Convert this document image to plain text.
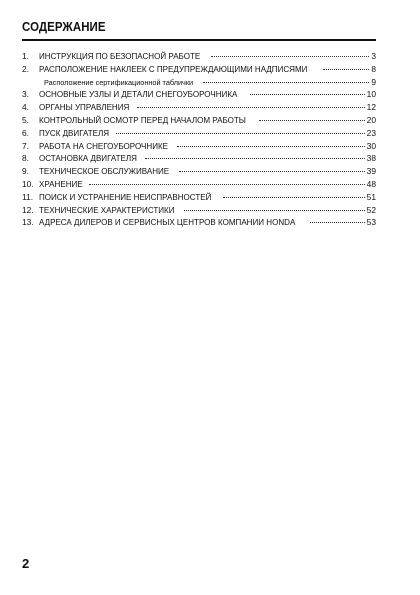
СОДЕРЖАНИЕ
1.	ИНСТРУКЦИЯ ПО БЕЗОПАСНОЙ РАБОТЕ	3
2.	РАСПОЛОЖЕНИЕ НАКЛЕЕК С ПРЕДУПРЕЖДАЮЩИМИ НАДПИСЯМИ	8
Расположение сертификационной таблички	9
3.	ОСНОВНЫЕ УЗЛЫ И ДЕТАЛИ СНЕГОУБОРОЧНИКА	10
4.	ОРГАНЫ УПРАВЛЕНИЯ	12
5.	КОНТРОЛЬНЫЙ ОСМОТР ПЕРЕД НАЧАЛОМ РАБОТЫ	20
6.	ПУСК ДВИГАТЕЛЯ	23
7.	РАБОТА НА СНЕГОУБОРОЧНИКЕ	30
8.	ОСТАНОВКА ДВИГАТЕЛЯ	38
9.	ТЕХНИЧЕСКОЕ ОБСЛУЖИВАНИЕ	39
10. ХРАНЕНИЕ	48
11. ПОИСК И УСТРАНЕНИЕ НЕИСПРАВНОСТЕЙ	51
12. ТЕХНИЧЕСКИЕ ХАРАКТЕРИСТИКИ	52
13. АДРЕСА ДИЛЕРОВ И СЕРВИСНЫХ ЦЕНТРОВ КОМПАНИИ HONDA	53

2
